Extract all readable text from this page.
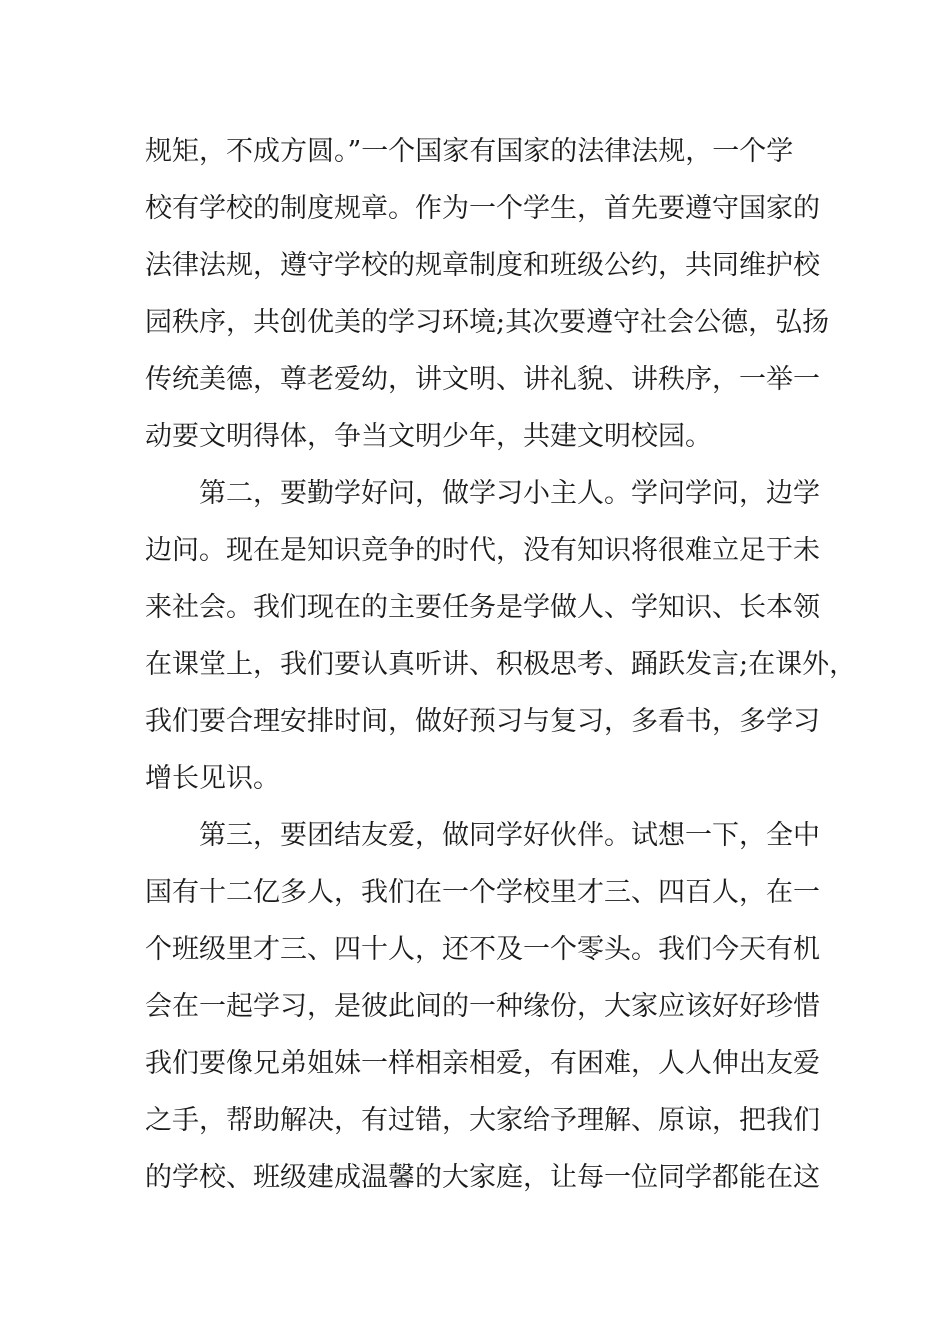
规矩，不成方圆。”一个国家有国家的法律法规，一个学
校有学校的制度规章。作为一个学生，首先要遵守国家的
法律法规，遵守学校的规章制度和班级公约，共同维护校
园秩序，共创优美的学习环境;其次要遵守社会公德，弘扬
传统美德，尊老爱幼，讲文明、讲礼貌、讲秩序，一举一
动要文明得体，争当文明少年，共建文明校园。
第二，要勤学好问，做学习小主人。学问学问，边学
边问。现在是知识竞争的时代，没有知识将很难立足于未
来社会。我们现在的主要任务是学做人、学知识、长本领
在课堂上，我们要认真听讲、积极思考、踊跃发言;在课外，
我们要合理安排时间，做好预习与复习，多看书，多学习
增长见识。
第三，要团结友爱，做同学好伙伴。试想一下，全中
国有十二亿多人，我们在一个学校里才三、四百人，在一
个班级里才三、四十人，还不及一个零头。我们今天有机
会在一起学习，是彼此间的一种缘份，大家应该好好珍惜
我们要像兄弟姐妹一样相亲相爱，有困难，人人伸出友爱
之手，帮助解决，有过错，大家给予理解、原谅，把我们
的学校、班级建成温馨的大家庭，让每一位同学都能在这
